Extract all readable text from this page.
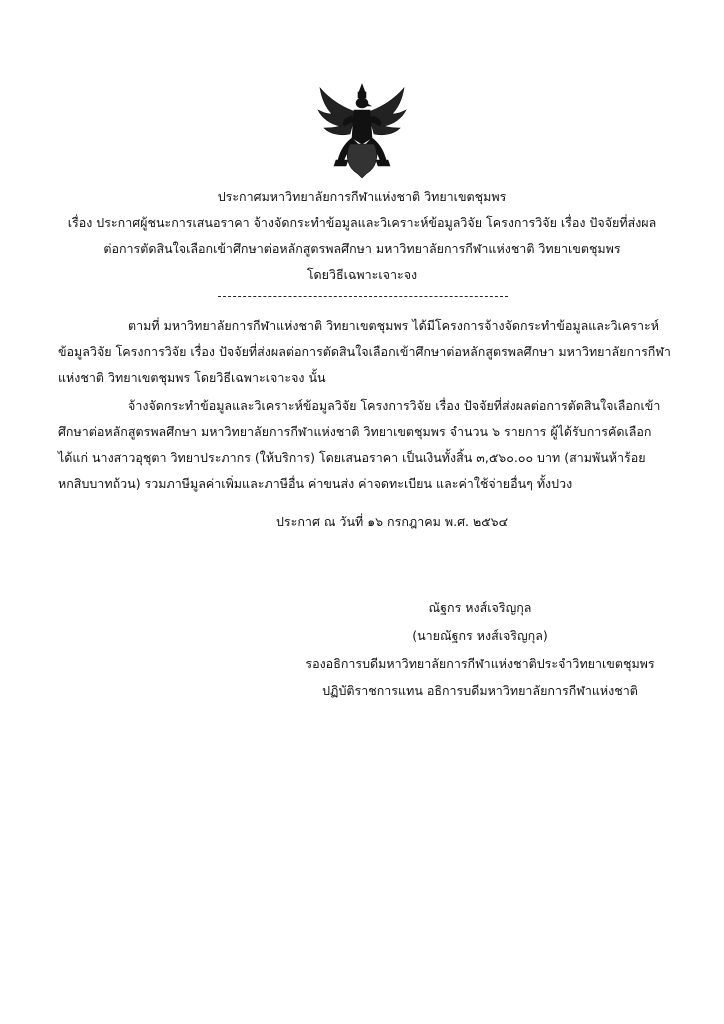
ประกาศมหาวิทยาลัยการกีฬาแห่งชาติ วิทยาเขตชุมพร
เรื่อง ประกาศผู้ชนะการเสนอราคา จ้างจัดกระทำข้อมูลและวิเคราะห์ข้อมูลวิจัย โครงการวิจัย เรื่อง ปัจจัยที่ส่งผล
ต่อการตัดสินใจเลือกเข้าศึกษาต่อหลักสูตรพลศึกษา มหาวิทยาลัยการกีฬาแห่งชาติ วิทยาเขตชุมพร
โดยวิธีเฉพาะเจาะจง
ตามที่ มหาวิทยาลัยการกีฬาแห่งชาติ วิทยาเขตชุมพร ได้มีโครงการจ้างจัดกระทำข้อมูลและวิเคราะห์
ข้อมูลวิจัย โครงการวิจัย เรื่อง ปัจจัยที่ส่งผลต่อการตัดสินใจเลือกเข้าศึกษาต่อหลักสูตรพลศึกษา มหาวิทยาลัยการกีฬา
แห่งชาติ วิทยาเขตชุมพร โดยวิธีเฉพาะเจาะจง นั้น
จ้างจัดกระทำข้อมูลและวิเคราะห์ข้อมูลวิจัย โครงการวิจัย เรื่อง ปัจจัยที่ส่งผลต่อการตัดสินใจเลือกเข้า
ศึกษาต่อหลักสูตรพลศึกษา มหาวิทยาลัยการกีฬาแห่งชาติ วิทยาเขตชุมพร จำนวน ๖ รายการ ผู้ได้รับการคัดเลือก
ได้แก่ นางสาวอุชุตา วิทยาประภากร (ให้บริการ) โดยเสนอราคา เป็นเงินทั้งสิ้น ๓,๕๖๐.๐๐ บาท (สามพันห้าร้อย
หกสิบบาทถ้วน) รวมภาษีมูลค่าเพิ่มและภาษีอื่น ค่าขนส่ง ค่าจดทะเบียน และค่าใช้จ่ายอื่นๆ ทั้งปวง
ประกาศ ณ วันที่ ๑๖ กรกฎาคม พ.ศ. ๒๕๖๔
ณัฐกร หงส์เจริญกุล
(นายณัฐกร หงส์เจริญกุล)
รองอธิการบดีมหาวิทยาลัยการกีฬาแห่งชาติประจำวิทยาเขตชุมพร
ปฏิบัติราชการแทน อธิการบดีมหาวิทยาลัยการกีฬาแห่งชาติ
